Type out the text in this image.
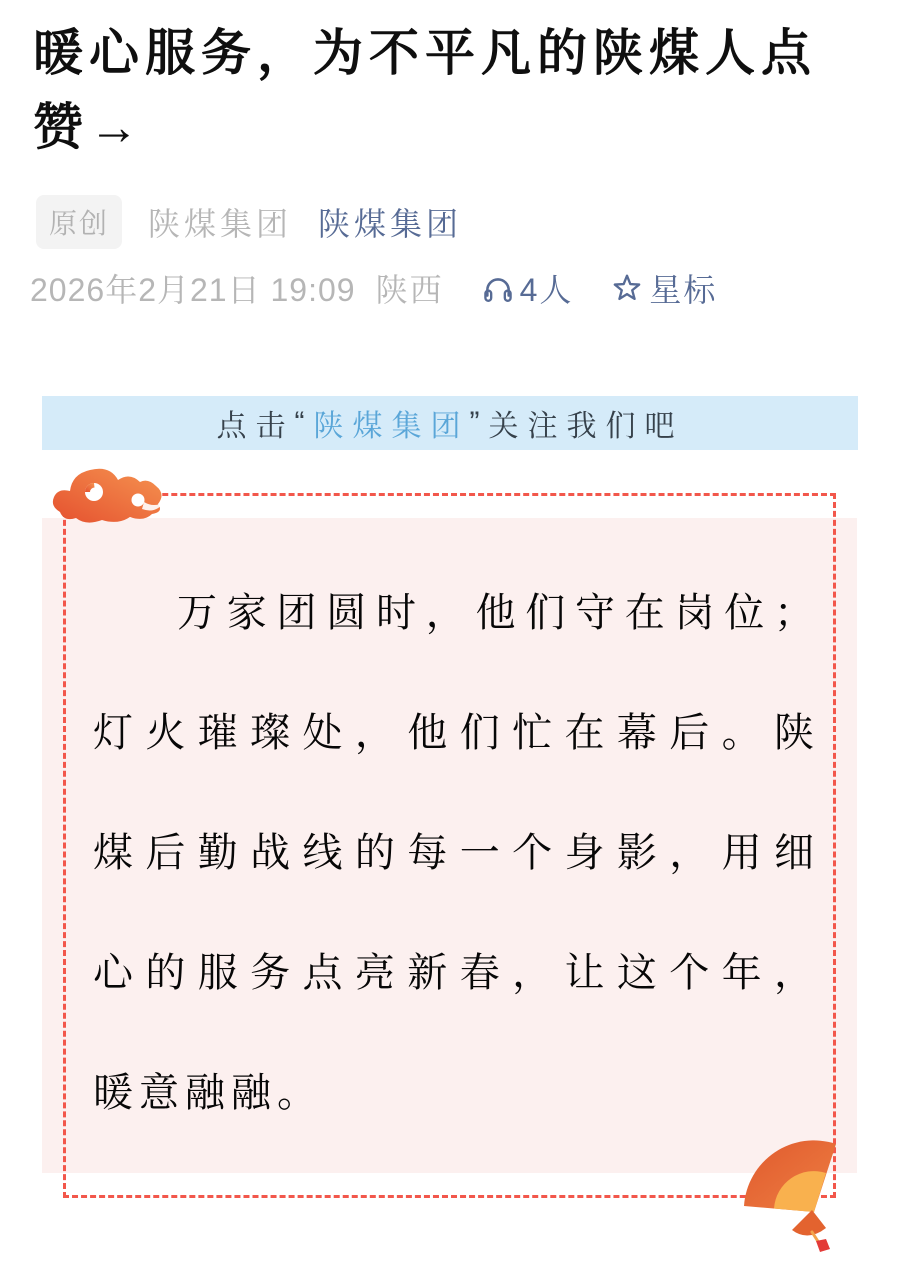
暖心服务，为不平凡的陕煤人点赞→
原创	陕煤集团 陕煤集团
2026年2月21日 19:09 陕西 4人 星标
点击 “ 陕煤集团 ” 关注我们吧
万家团圆时，他们守在岗位；
灯火璀璨处，他们忙在幕后。陕
煤后勤战线的每一个身影，用细
心的服务点亮新春，让这个年，
暖意融融。
